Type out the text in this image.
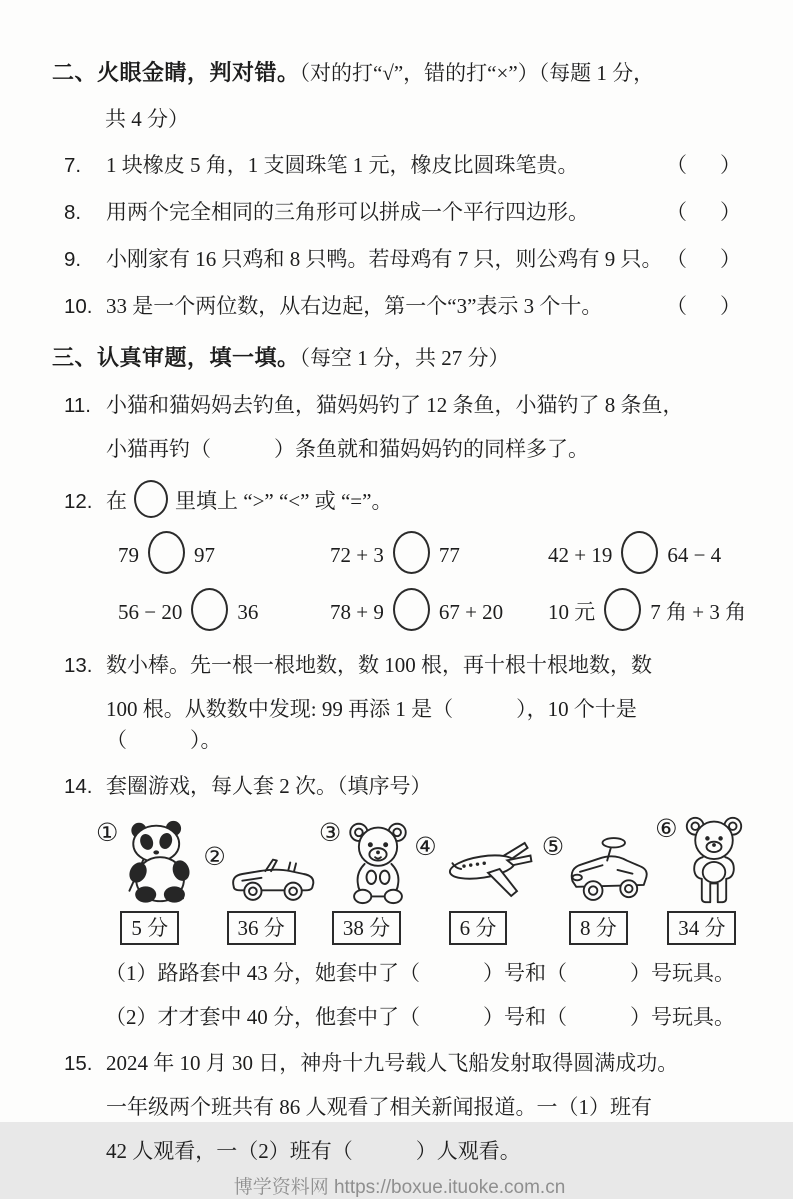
二、火眼金睛，判对错。（对的打“√”，错的打“×”）（每题 1 分，
共 4 分）
7. 1 块橡皮 5 角，1 支圆珠笔 1 元，橡皮比圆珠笔贵。	（　）
8. 用两个完全相同的三角形可以拼成一个平行四边形。	（　）
9. 小刚家有 16 只鸡和 8 只鸭。若母鸡有 7 只，则公鸡有 9 只。 （　）
10. 33 是一个两位数，从右边起，第一个“3”表示 3 个十。	（　）
三、认真审题，填一填。（每空 1 分，共 27 分）
11. 小猫和猫妈妈去钓鱼，猫妈妈钓了 12 条鱼，小猫钓了 8 条鱼，
小猫再钓（　　　）条鱼就和猫妈妈钓的同样多了。
12. 在 里填上 “>” “<” 或 “=”。
79	97	72 + 3	77	42 + 19	64 − 4
56 − 20	36	78 + 9	67 + 20	10 元	7 角 + 3 角
13. 数小棒。先一根一根地数，数 100 根，再十根十根地数，数
100 根。从数数中发现: 99 再添 1 是（　　　），10 个十是（　　　）。
14. 套圈游戏，每人套 2 次。（填序号）
①
5 分
②
36 分
③
38 分
④
6 分
⑤
8 分
⑥
34 分
（1）路路套中 43 分，她套中了（　　　）号和（　　　）号玩具。
（2）才才套中 40 分，他套中了（　　　）号和（　　　）号玩具。
15. 2024 年 10 月 30 日，神舟十九号载人飞船发射取得圆满成功。
一年级两个班共有 86 人观看了相关新闻报道。一（1）班有
42 人观看，一（2）班有（　　　）人观看。
博学资料网 https://boxue.ituoke.com.cn
